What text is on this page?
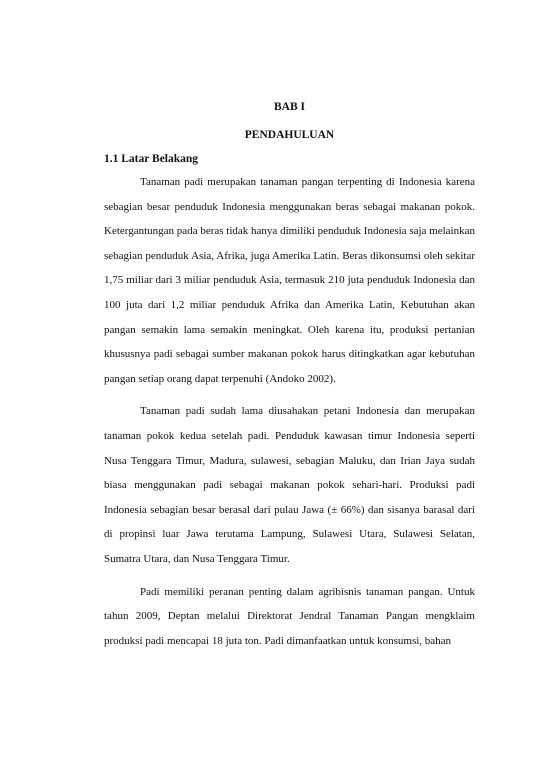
BAB I

PENDAHULUAN

1.1 Latar Belakang

Tanaman padi merupakan tanaman pangan terpenting di Indonesia karena sebagian besar penduduk Indonesia menggunakan beras sebagai makanan pokok. Ketergantungan pada beras tidak hanya dimiliki penduduk Indonesia saja melainkan sebagian penduduk Asia, Afrika, juga Amerika Latin. Beras dikonsumsi oleh sekitar 1,75 miliar dari 3 miliar penduduk Asia, termasuk 210 juta penduduk Indonesia dan 100 juta dari 1,2 miliar penduduk Afrika dan Amerika Latin, Kebutuhan akan pangan semakin lama semakin meningkat. Oleh karena itu, produksi pertanian khususnya padi sebagai sumber makanan pokok harus ditingkatkan agar kebutuhan pangan setiap orang dapat terpenuhi (Andoko 2002).

Tanaman padi sudah lama diusahakan petani Indonesia dan merupakan tanaman pokok kedua setelah padi. Penduduk kawasan timur Indonesia seperti Nusa Tenggara Timur, Madura, sulawesi, sebagian Maluku, dan Irian Jaya sudah biasa menggunakan padi sebagai makanan pokok sehari-hari. Produksi padi Indonesia sebagian besar berasal dari pulau Jawa (± 66%) dan sisanya barasal dari di propinsi luar Jawa terutama Lampung, Sulawesi Utara, Sulawesi Selatan, Sumatra Utara, dan Nusa Tenggara Timur.

Padi memiliki peranan penting dalam agribisnis tanaman pangan. Untuk tahun 2009, Deptan melalui Direktorat Jendral Tanaman Pangan mengklaim produksi padi mencapai 18 juta ton. Padi dimanfaatkan untuk konsumsi, bahan
